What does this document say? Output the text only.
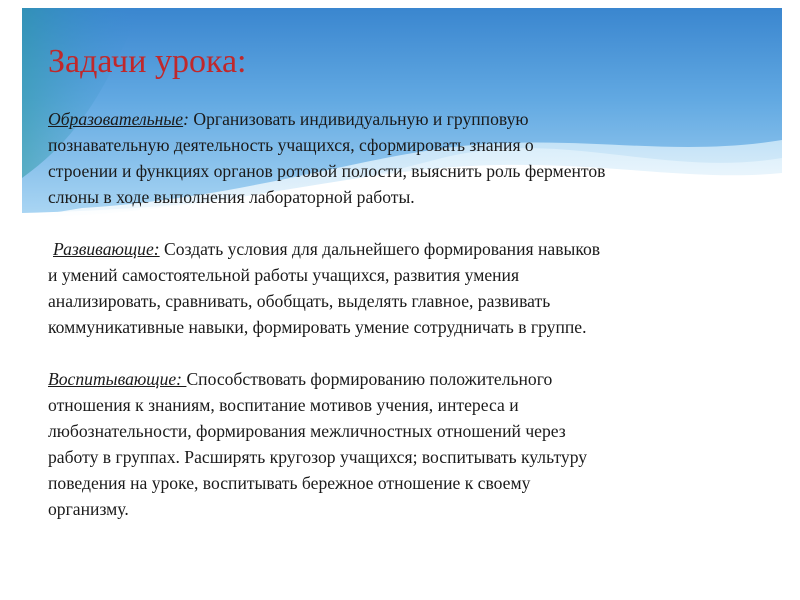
Задачи урока:

Образовательные: Организовать индивидуальную и групповую
познавательную деятельность учащихся, сформировать знания о
строении и функциях органов ротовой полости, выяснить роль ферментов
слюны в ходе выполнения лабораторной работы.

Развивающие: Создать условия для дальнейшего формирования навыков
и умений самостоятельной работы учащихся, развития умения
анализировать, сравнивать, обобщать, выделять главное, развивать
коммуникативные навыки, формировать умение сотрудничать в группе.

Воспитывающие: Способствовать формированию положительного
отношения к знаниям, воспитание мотивов учения, интереса и
любознательности, формирования межличностных отношений через
работу в группах. Расширять кругозор учащихся; воспитывать культуру
поведения на уроке, воспитывать бережное отношение к своему
организму.
